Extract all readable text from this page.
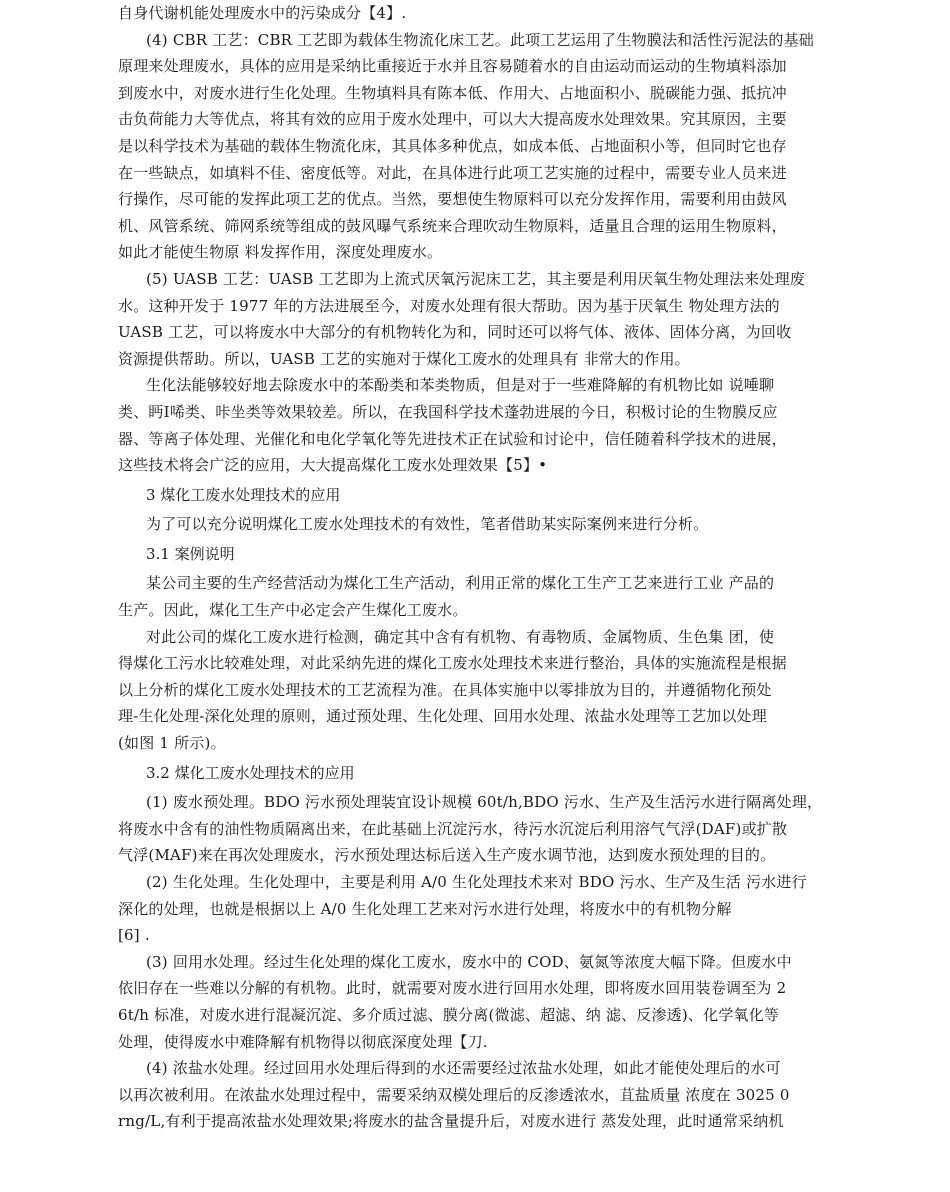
自身代谢机能处理废水中的污染成分【4】.
(4) CBR 工艺：CBR 工艺即为载体生物流化床工艺。此项工艺运用了生物膜法和活性污泥法的基础
原理来处理废水，具体的应用是采纳比重接近于水并且容易随着水的自由运动而运动的生物填料添加
到废水中，对废水进行生化处理。生物填料具有陈本低、作用大、占地面积小、脱碳能力强、抵抗冲
击负荷能力大等优点，将其有效的应用于废水处理中，可以大大提高废水处理效果。究其原因，主要
是以科学技术为基础的载体生物流化床，其具体多种优点，如成本低、占地面积小等，但同时它也存
在一些缺点，如填料不佳、密度低等。对此，在具体进行此项工艺实施的过程中，需要专业人员来进
行操作，尽可能的发挥此项工艺的优点。当然，要想使生物原料可以充分发挥作用，需要利用由鼓风
机、风管系统、筛网系统等组成的鼓风曝气系统来合理吹动生物原料，适量且合理的运用生物原料，
如此才能使生物原 料发挥作用，深度处理废水。
(5) UASB 工艺：UASB 工艺即为上流式厌氧污泥床工艺，其主要是利用厌氧生物处理法来处理废
水。这种开发于 1977 年的方法进展至今，对废水处理有很大帮助。因为基于厌氧生 物处理方法的
UASB 工艺，可以将废水中大部分的有机物转化为和，同时还可以将气体、液体、固体分离，为回收
资源提供帮助。所以，UASB 工艺的实施对于煤化工废水的处理具有 非常大的作用。
生化法能够较好地去除废水中的苯酚类和苯类物质，但是对于一些难降解的有机物比如 说唾聊
类、眄I唏类、咔坐类等效果较差。所以，在我国科学技术蓬勃进展的今日，积极讨论的生物膜反应
器、等离子体处理、光催化和电化学氧化等先进技术正在试验和讨论中，信任随着科学技术的进展，
这些技术将会广泛的应用，大大提高煤化工废水处理效果【5】•
3 煤化工废水处理技术的应用
为了可以充分说明煤化工废水处理技术的有效性，笔者借助某实际案例来进行分析。
3.1 案例说明
某公司主要的生产经营活动为煤化工生产活动，利用正常的煤化工生产工艺来进行工业 产品的
生产。因此，煤化工生产中必定会产生煤化工废水。
对此公司的煤化工废水进行检测，确定其中含有有机物、有毒物质、金属物质、生色集 团，使
得煤化工污水比较难处理，对此采纳先进的煤化工废水处理技术来进行整治，具体的实施流程是根据
以上分析的煤化工废水处理技术的工艺流程为准。在具体实施中以零排放为目的，并遵循物化预处
理-生化处理-深化处理的原则，通过预处理、生化处理、回用水处理、浓盐水处理等工艺加以处理
(如图 1 所示)。
3.2 煤化工废水处理技术的应用
(1) 废水预处理。BDO 污水预处理装宜设讣规模 60t/h,BDO 污水、生产及生活污水进行隔离处理，
将废水中含有的油性物质隔离出来，在此基础上沉淀污水，待污水沉淀后利用溶气气浮(DAF)或扩散
气浮(MAF)来在再次处理废水，污水预处理达标后送入生产废水调节池，达到废水预处理的目的。
(2) 生化处理。生化处理中，主要是利用 A/0 生化处理技术来对 BDO 污水、生产及生活 污水进行
深化的处理，也就是根据以上 A/0 生化处理工艺来对污水进行处理，将废水中的有机物分解
[6] .
(3) 回用水处理。经过生化处理的煤化工废水，废水中的 COD、氨氮等浓度大幅下降。但废水中
依旧存在一些难以分解的有机物。此时，就需要对废水进行回用水处理，即将废水回用装卷调至为 2
6t/h 标准，对废水进行混凝沉淀、多介质过滤、膜分离(微滤、超滤、纳 滤、反渗透)、化学氧化等
处理，使得废水中难降解有机物得以彻底深度处理【刀.
(4) 浓盐水处理。经过回用水处理后得到的水还需要经过浓盐水处理，如此才能使处理后的水可
以再次被利用。在浓盐水处理过程中，需要采纳双模处理后的反渗透浓水，苴盐质量 浓度在 3025 0
rng/L,有利于提高浓盐水处理效果;将废水的盐含量提升后，对废水进行 蒸发处理，此时通常采纳机
